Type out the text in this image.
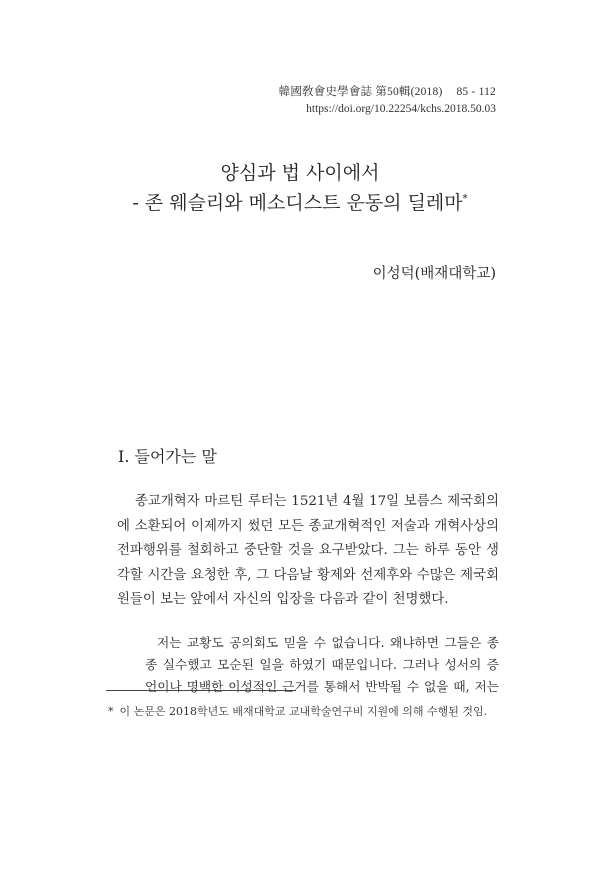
韓國敎會史學會誌 第50輯(2018) 85 - 112
https://doi.org/10.22254/kchs.2018.50.03
양심과 법 사이에서
- 존 웨슬리와 메소디스트 운동의 딜레마*
이성덕(배재대학교)
I. 들어가는 말

종교개혁자 마르틴 루터는 1521년 4월 17일 보름스 제국회의에 소환되어 이제까지 썼던 모든 종교개혁적인 저술과 개혁사상의 전파행위를 철회하고 중단할 것을 요구받았다. 그는 하루 동안 생각할 시간을 요청한 후, 그 다음날 황제와 선제후와 수많은 제국회원들이 보는 앞에서 자신의 입장을 다음과 같이 천명했다.

저는 교황도 공의회도 믿을 수 없습니다. 왜냐하면 그들은 종종 실수했고 모순된 일을 하였기 때문입니다. 그러나 성서의 증언이나 명백한 이성적인 근거를 통해서 반박될 수 없을 때, 저는

* 이 논문은 2018학년도 배재대학교 교내학술연구비 지원에 의해 수행된 것임.
